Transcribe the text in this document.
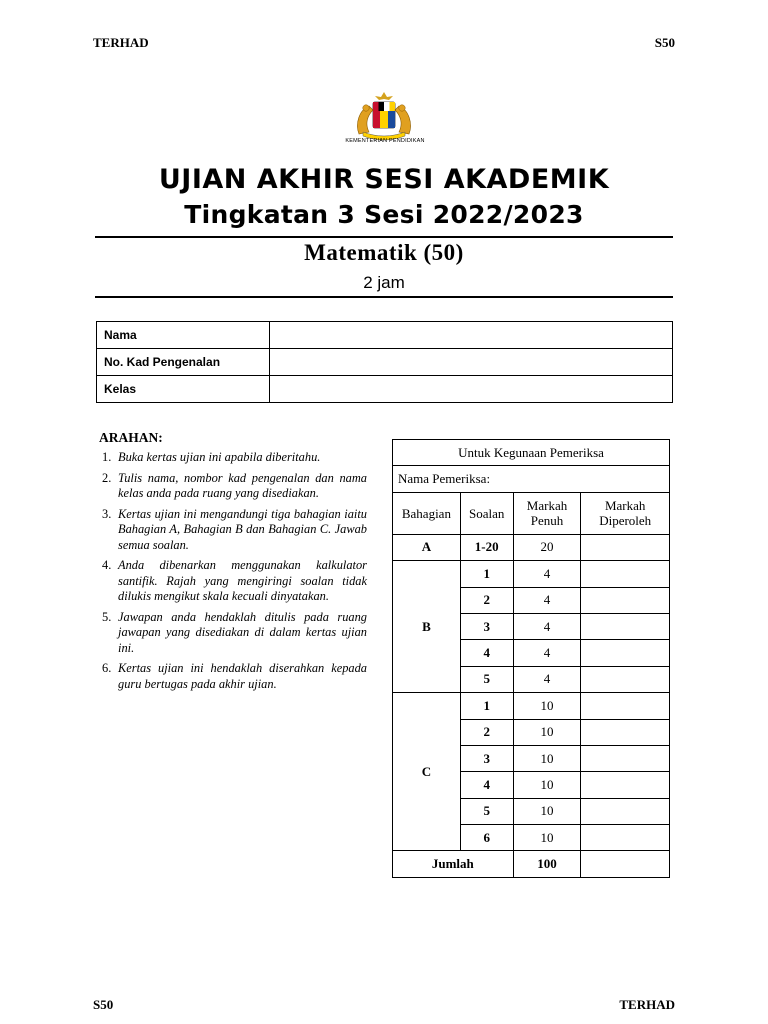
TERHAD	S50
KEMENTERIAN PENDIDIKAN
UJIAN AKHIR SESI AKADEMIK
Tingkatan 3 Sesi 2022/2023
Matematik (50)
2 jam
Nama	
No. Kad Pengenalan	
Kelas	
ARAHAN:
1. Buka kertas ujian ini apabila diberitahu.
2. Tulis nama, nombor kad pengenalan dan nama kelas anda pada ruang yang disediakan.
3. Kertas ujian ini mengandungi tiga bahagian iaitu Bahagian A, Bahagian B dan Bahagian C. Jawab semua soalan.
4. Anda dibenarkan menggunakan kalkulator santifik. Rajah yang mengiringi soalan tidak dilukis mengikut skala kecuali dinyatakan.
5. Jawapan anda hendaklah ditulis pada ruang jawapan yang disediakan di dalam kertas ujian ini.
6. Kertas ujian ini hendaklah diserahkan kepada guru bertugas pada akhir ujian.
Untuk Kegunaan Pemeriksa			
Nama Pemeriksa:			
Bahagian	Soalan	Markah Penuh	Markah Diperoleh
A	1-20	20	
B	1	4	
	2	4	
	3	4	
	4	4	
	5	4	
C	1	10	
	2	10	
	3	10	
	4	10	
	5	10	
	6	10	
Jumlah		100	
S50	TERHAD
